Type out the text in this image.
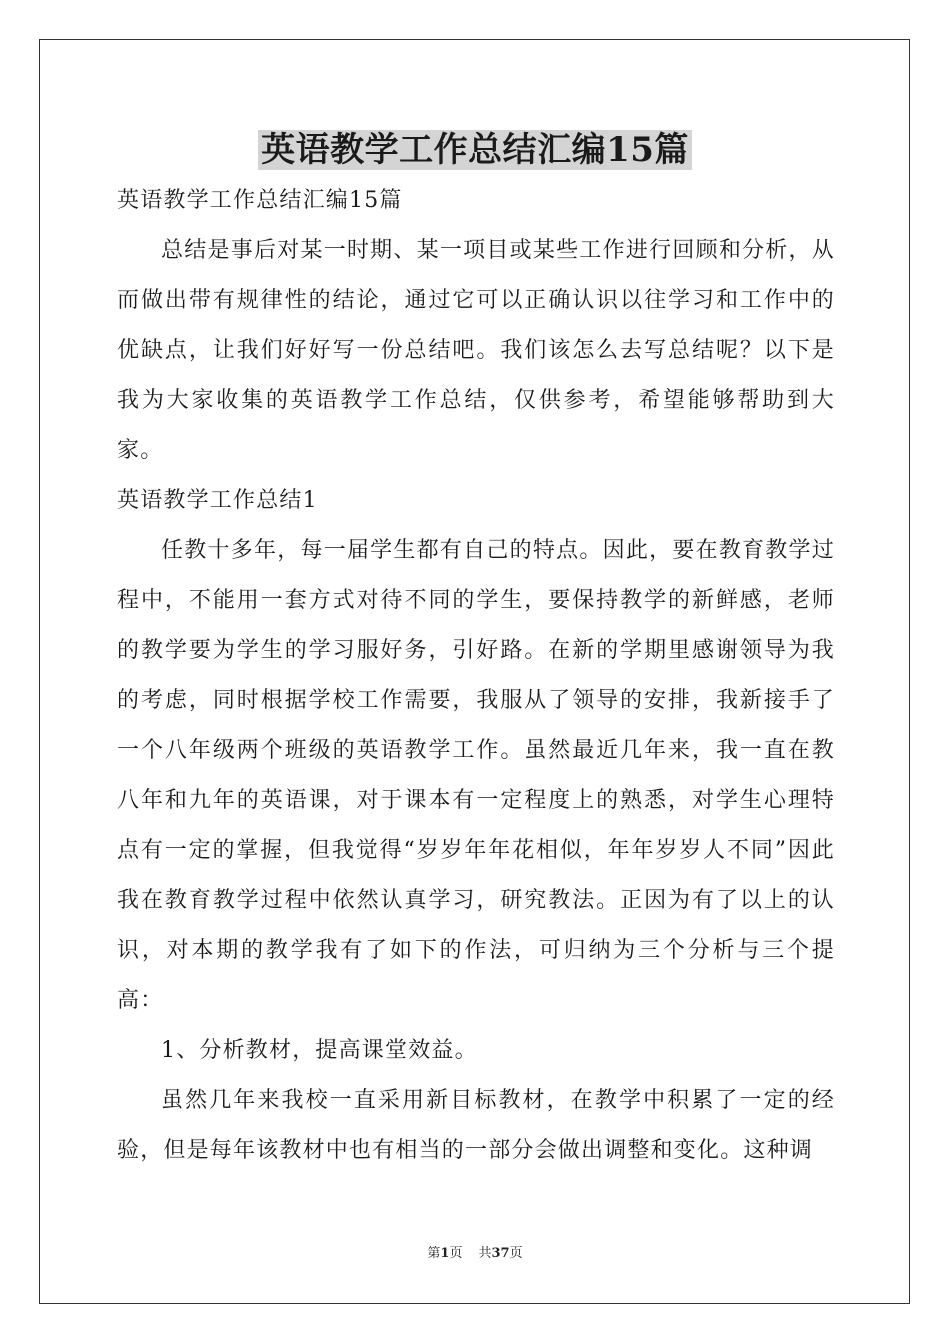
英语教学工作总结汇编15篇

英语教学工作总结汇编15篇

总结是事后对某一时期、某一项目或某些工作进行回顾和分析，从而做出带有规律性的结论，通过它可以正确认识以往学习和工作中的优缺点，让我们好好写一份总结吧。我们该怎么去写总结呢？以下是我为大家收集的英语教学工作总结，仅供参考，希望能够帮助到大家。

英语教学工作总结1

任教十多年，每一届学生都有自己的特点。因此，要在教育教学过程中，不能用一套方式对待不同的学生，要保持教学的新鲜感，老师的教学要为学生的学习服好务，引好路。在新的学期里感谢领导为我的考虑，同时根据学校工作需要，我服从了领导的安排，我新接手了一个八年级两个班级的英语教学工作。虽然最近几年来，我一直在教八年和九年的英语课，对于课本有一定程度上的熟悉，对学生心理特点有一定的掌握，但我觉得“岁岁年年花相似，年年岁岁人不同”因此我在教育教学过程中依然认真学习，研究教法。正因为有了以上的认识，对本期的教学我有了如下的作法，可归纳为三个分析与三个提高：

1、分析教材，提高课堂效益。

虽然几年来我校一直采用新目标教材，在教学中积累了一定的经验，但是每年该教材中也有相当的一部分会做出调整和变化。这种调

第1页 共37页
